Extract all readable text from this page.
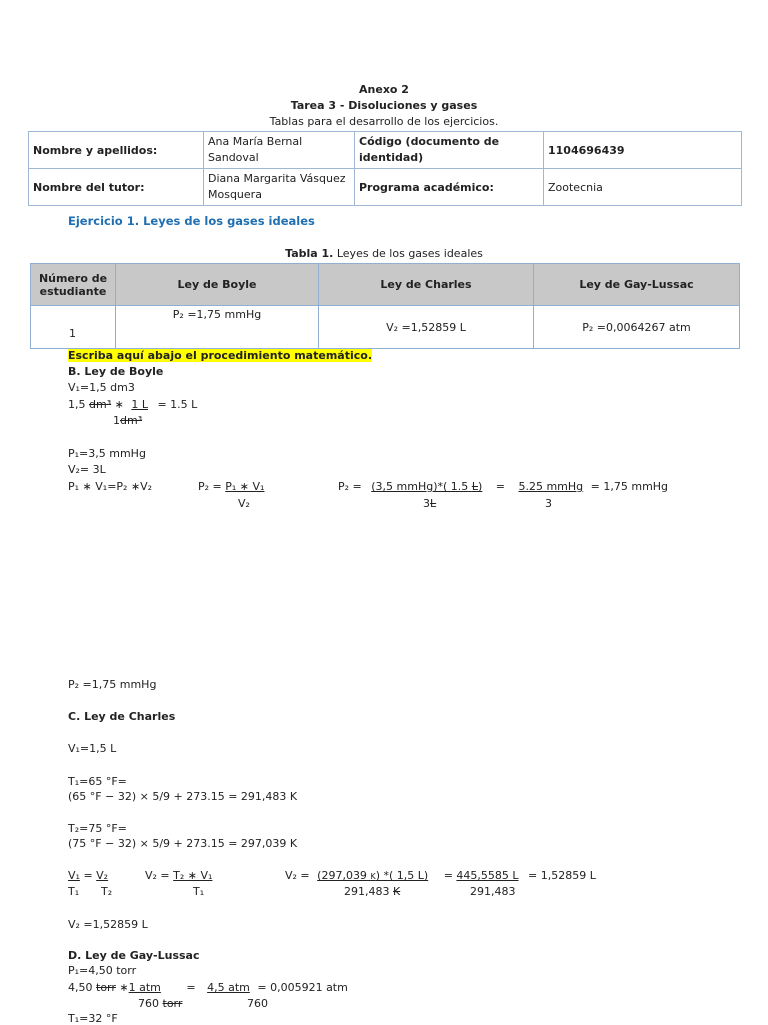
Anexo 2
Tarea 3 - Disoluciones y gases
Tablas para el desarrollo de los ejercicios.
Nombre y apellidos:	Ana María Bernal Sandoval	Código (documento de identidad)	1104696439
Nombre del tutor:	Diana Margarita Vásquez Mosquera	Programa académico:	Zootecnia
Ejercicio 1. Leyes de los gases ideales
Tabla 1. Leyes de los gases ideales
Número de estudiante	Ley de Boyle	Ley de Charles	Ley de Gay-Lussac
1	P₂ =1,75 mmHg	V₂ =1,52859 L	P₂ =0,0064267 atm
Escriba aquí abajo el procedimiento matemático.
B. Ley de Boyle
V₁=1,5 dm3
1,5 dm³ ∗ 1 L = 1.5 L
1dm³
P₁=3,5 mmHg
V₂= 3L
P₁ ∗ V₁=P₂ ∗V₂	P₂ = P₁ ∗ V₁
V₂
P₂ = (3,5 mmHg)*( 1.5 L) = 5.25 mmHg = 1,75 mmHg
3L	3
P₂ =1,75 mmHg
C. Ley de Charles
V₁=1,5 L
T₁=65 °F=
(65 °F − 32) × 5/9 + 273.15 = 291,483 K
T₂=75 °F=
(75 °F − 32) × 5/9 + 273.15 = 297,039 K
V₁ = V₂
T₁ T₂
V₂ = T₂ ∗ V₁
T₁
V₂ = (297,039 K) *( 1,5 L) = 445,5585 L = 1,52859 L
291,483 K	291,483
V₂ =1,52859 L
D. Ley de Gay-Lussac
P₁=4,50 torr
4,50 torr ∗1 atm = 4,5 atm = 0,005921 atm
760 torr	760
T₁=32 °F
